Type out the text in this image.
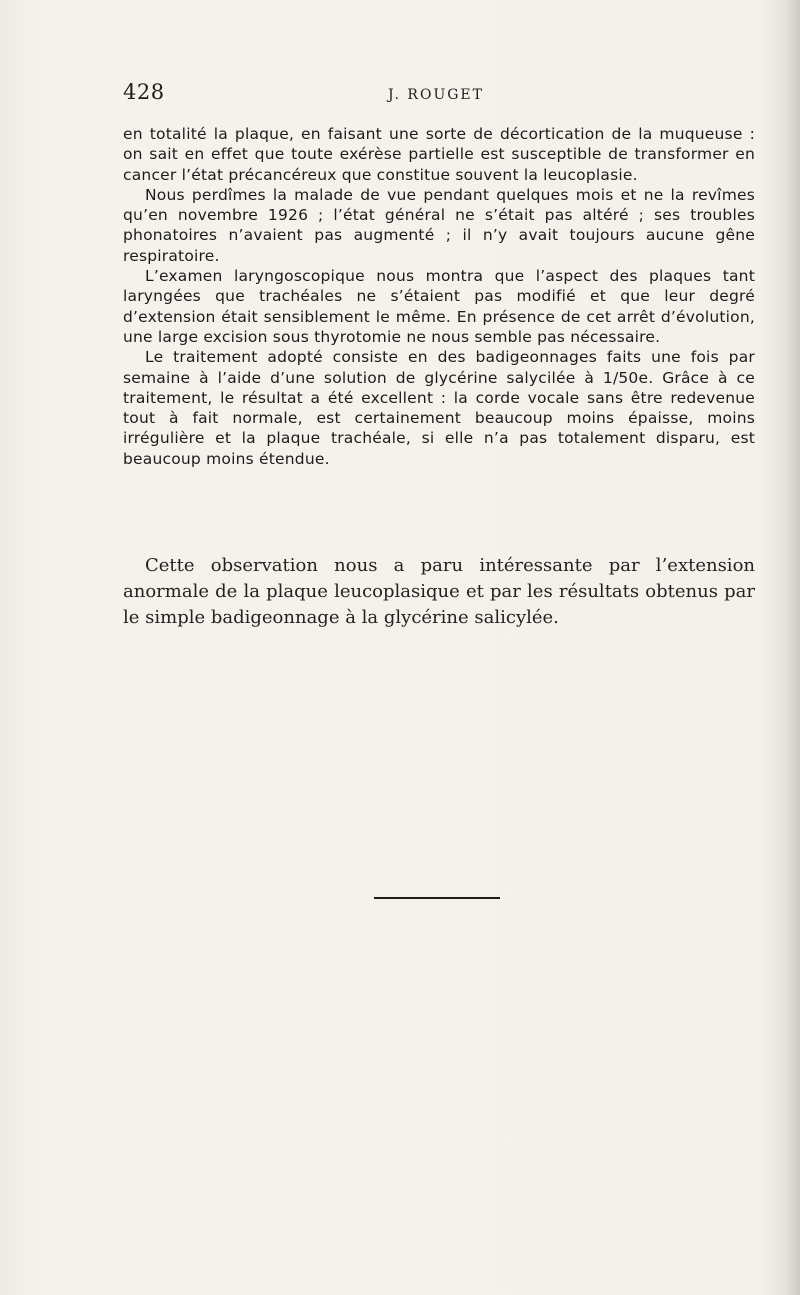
428	J. ROUGET

en totalité la plaque, en faisant une sorte de décortication de la muqueuse : on sait en effet que toute exérèse partielle est susceptible de transformer en cancer l’état précancéreux que constitue souvent la leucoplasie.

Nous perdîmes la malade de vue pendant quelques mois et ne la revîmes qu’en novembre 1926 ; l’état général ne s’était pas altéré ; ses troubles phonatoires n’avaient pas augmenté ; il n’y avait toujours aucune gêne respiratoire.

L’examen laryngoscopique nous montra que l’aspect des plaques tant laryngées que trachéales ne s’étaient pas modifié et que leur degré d’extension était sensiblement le même. En présence de cet arrêt d’évolution, une large excision sous thyrotomie ne nous semble pas nécessaire.

Le traitement adopté consiste en des badigeonnages faits une fois par semaine à l’aide d’une solution de glycérine salycilée à 1/50e. Grâce à ce traitement, le résultat a été excellent : la corde vocale sans être redevenue tout à fait normale, est certainement beaucoup moins épaisse, moins irrégulière et la plaque trachéale, si elle n’a pas totalement disparu, est beaucoup moins étendue.

Cette observation nous a paru intéressante par l’extension anormale de la plaque leucoplasique et par les résultats obtenus par le simple badigeonnage à la glycérine salicylée.
